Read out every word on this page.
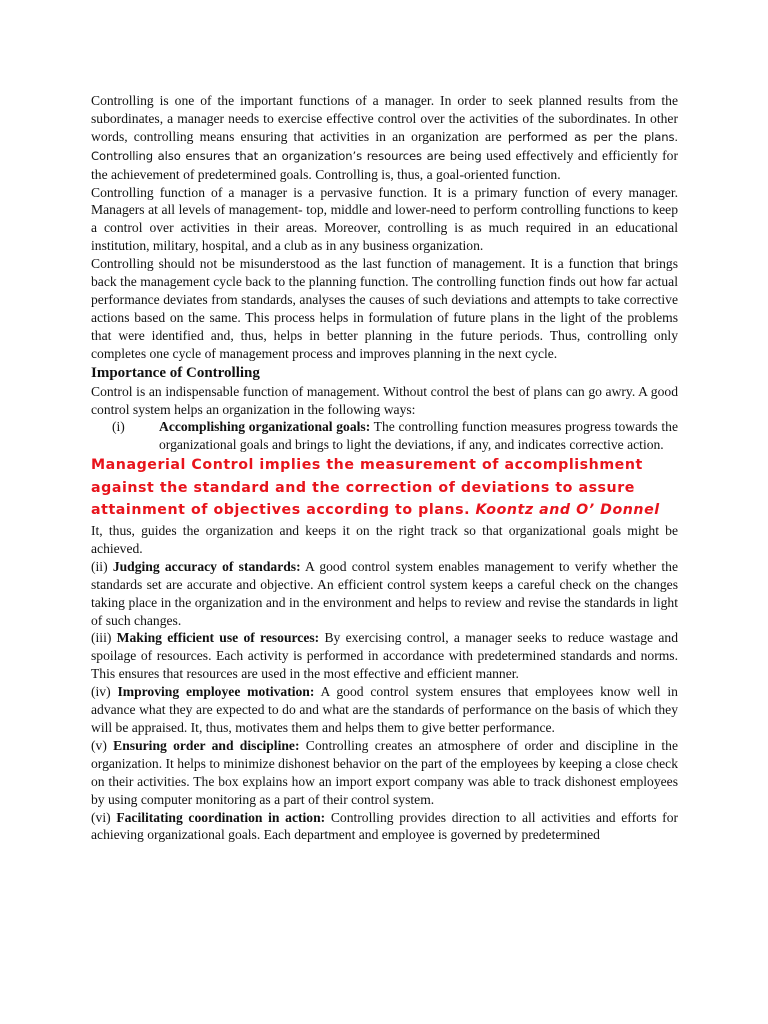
Controlling is one of the important functions of a manager. In order to seek planned results from the subordinates, a manager needs to exercise effective control over the activities of the subordinates. In other words, controlling means ensuring that activities in an organization are performed as per the plans. Controlling also ensures that an organization’s resources are being used effectively and efficiently for the achievement of predetermined goals. Controlling is, thus, a goal-oriented function.

Controlling function of a manager is a pervasive function. It is a primary function of every manager. Managers at all levels of management- top, middle and lower-need to perform controlling functions to keep a control over activities in their areas. Moreover, controlling is as much required in an educational institution, military, hospital, and a club as in any business organization.

Controlling should not be misunderstood as the last function of management. It is a function that brings back the management cycle back to the planning function. The controlling function finds out how far actual performance deviates from standards, analyses the causes of such deviations and attempts to take corrective actions based on the same. This process helps in formulation of future plans in the light of the problems that were identified and, thus, helps in better planning in the future periods. Thus, controlling only completes one cycle of management process and improves planning in the next cycle.

Importance of Controlling

Control is an indispensable function of management. Without control the best of plans can go awry. A good control system helps an organization in the following ways:

(i)	Accomplishing organizational goals: The controlling function measures progress towards the organizational goals and brings to light the deviations, if any, and indicates corrective action.

Managerial Control implies the measurement of accomplishment against the standard and the correction of deviations to assure attainment of objectives according to plans. Koontz and O’ Donnel

It, thus, guides the organization and keeps it on the right track so that organizational goals might be achieved.

(ii) Judging accuracy of standards: A good control system enables management to verify whether the standards set are accurate and objective. An efficient control system keeps a careful check on the changes taking place in the organization and in the environment and helps to review and revise the standards in light of such changes.

(iii) Making efficient use of resources: By exercising control, a manager seeks to reduce wastage and spoilage of resources. Each activity is performed in accordance with predetermined standards and norms. This ensures that resources are used in the most effective and efficient manner.

(iv) Improving employee motivation: A good control system ensures that employees know well in advance what they are expected to do and what are the standards of performance on the basis of which they will be appraised. It, thus, motivates them and helps them to give better performance.

(v) Ensuring order and discipline: Controlling creates an atmosphere of order and discipline in the organization. It helps to minimize dishonest behavior on the part of the employees by keeping a close check on their activities. The box explains how an import export company was able to track dishonest employees by using computer monitoring as a part of their control system.

(vi) Facilitating coordination in action: Controlling provides direction to all activities and efforts for achieving organizational goals. Each department and employee is governed by predetermined
